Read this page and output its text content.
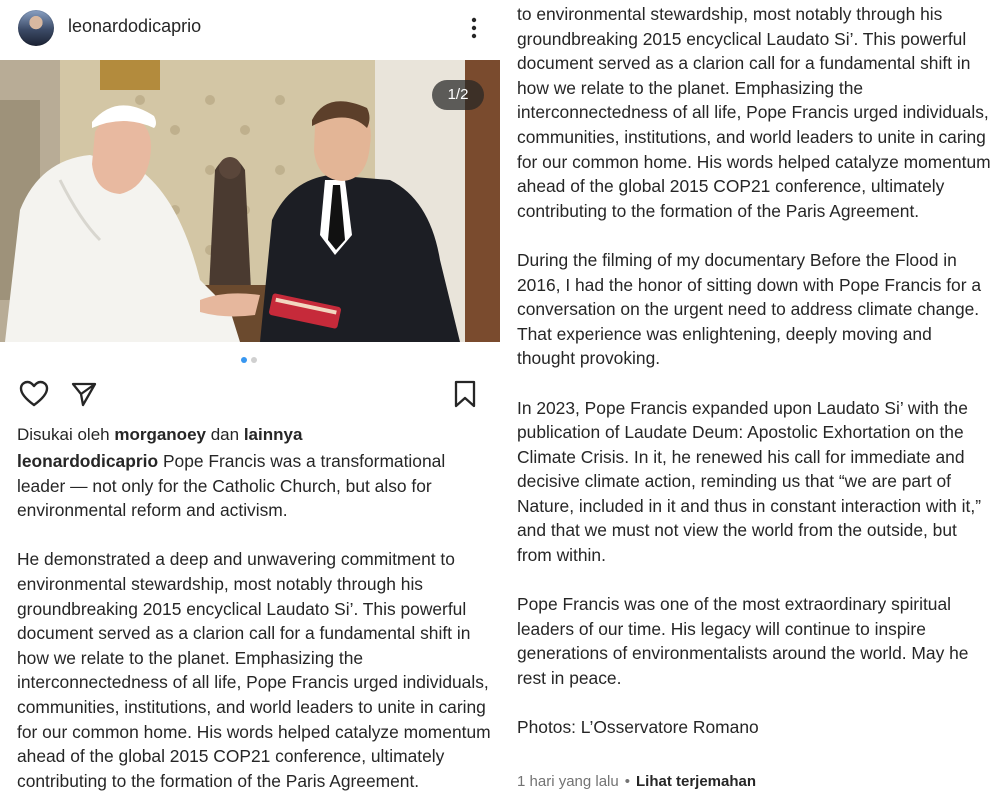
leonardodicaprio
1/2
Disukai oleh morganoey dan lainnya

leonardodicaprio Pope Francis was a transformational leader — not only for the Catholic Church, but also for environmental reform and activism.

He demonstrated a deep and unwavering commitment to environmental stewardship, most notably through his groundbreaking 2015 encyclical Laudato Si’. This powerful document served as a clarion call for a fundamental shift in how we relate to the planet. Emphasizing the interconnectedness of all life, Pope Francis urged individuals, communities, institutions, and world leaders to unite in caring for our common home. His words helped catalyze momentum ahead of the global 2015 COP21 conference, ultimately contributing to the formation of the Paris Agreement.

to environmental stewardship, most notably through his groundbreaking 2015 encyclical Laudato Si’. This powerful document served as a clarion call for a fundamental shift in how we relate to the planet. Emphasizing the interconnectedness of all life, Pope Francis urged individuals, communities, institutions, and world leaders to unite in caring for our common home. His words helped catalyze momentum ahead of the global 2015 COP21 conference, ultimately contributing to the formation of the Paris Agreement.

During the filming of my documentary Before the Flood in 2016, I had the honor of sitting down with Pope Francis for a conversation on the urgent need to address climate change. That experience was enlightening, deeply moving and thought provoking.

In 2023, Pope Francis expanded upon Laudato Si’ with the publication of Laudate Deum: Apostolic Exhortation on the Climate Crisis. In it, he renewed his call for immediate and decisive climate action, reminding us that “we are part of Nature, included in it and thus in constant interaction with it,” and that we must not view the world from the outside, but from within.

Pope Francis was one of the most extraordinary spiritual leaders of our time. His legacy will continue to inspire generations of environmentalists around the world. May he rest in peace.

Photos: L’Osservatore Romano

1 hari yang lalu • Lihat terjemahan
